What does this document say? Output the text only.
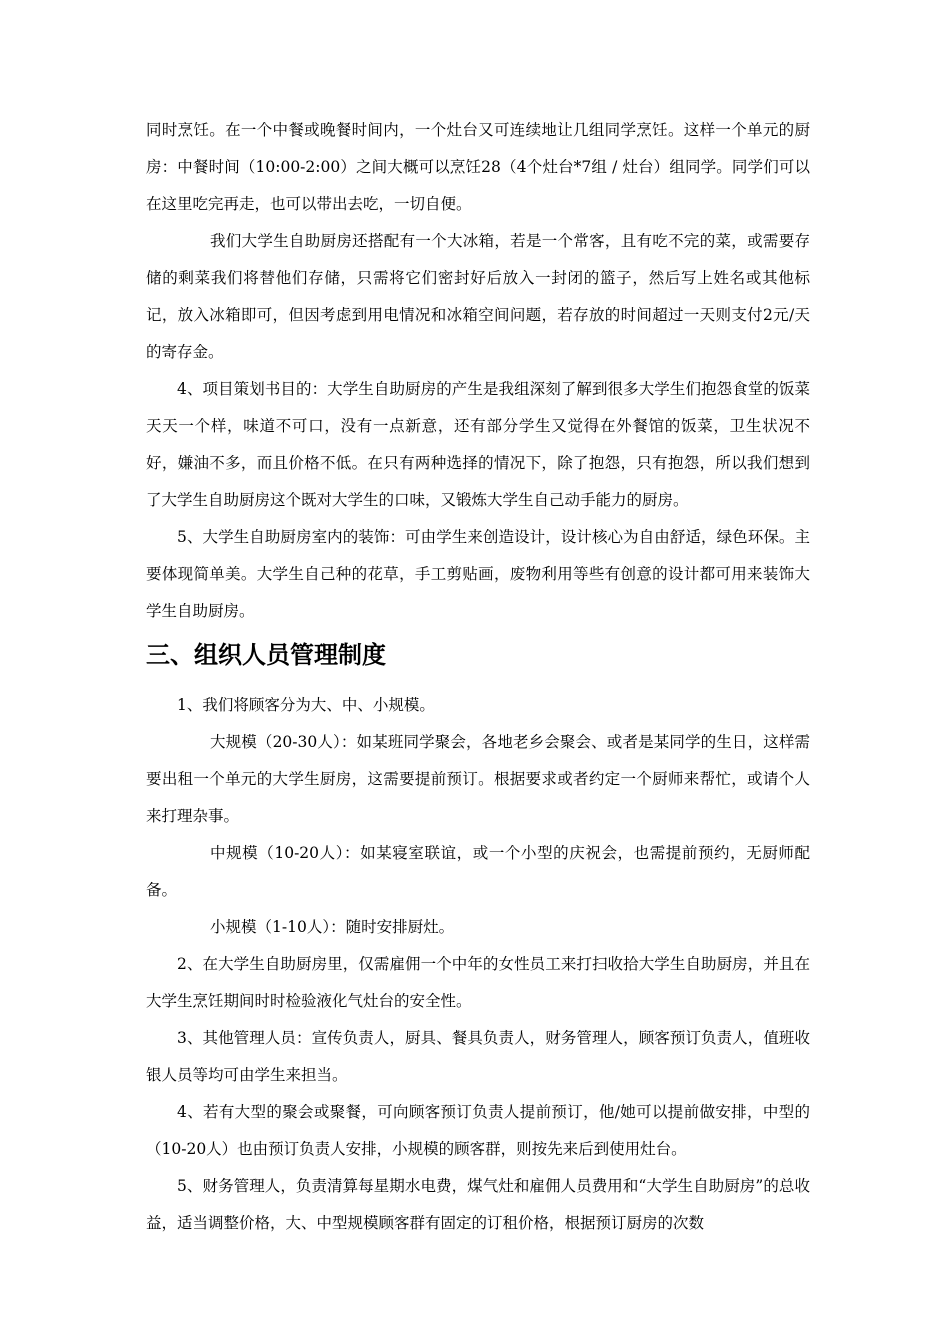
同时烹饪。在一个中餐或晚餐时间内，一个灶台又可连续地让几组同学烹饪。这样一个单元的厨房：中餐时间（10:00-2:00）之间大概可以烹饪28（4个灶台*7组 / 灶台）组同学。同学们可以在这里吃完再走，也可以带出去吃，一切自便。

我们大学生自助厨房还搭配有一个大冰箱，若是一个常客，且有吃不完的菜，或需要存储的剩菜我们将替他们存储，只需将它们密封好后放入一封闭的篮子，然后写上姓名或其他标记，放入冰箱即可，但因考虑到用电情况和冰箱空间问题，若存放的时间超过一天则支付2元/天的寄存金。

4、项目策划书目的：大学生自助厨房的产生是我组深刻了解到很多大学生们抱怨食堂的饭菜天天一个样，味道不可口，没有一点新意，还有部分学生又觉得在外餐馆的饭菜，卫生状况不好，嫌油不多，而且价格不低。在只有两种选择的情况下，除了抱怨，只有抱怨，所以我们想到了大学生自助厨房这个既对大学生的口味，又锻炼大学生自己动手能力的厨房。

5、大学生自助厨房室内的装饰：可由学生来创造设计，设计核心为自由舒适，绿色环保。主要体现简单美。大学生自己种的花草，手工剪贴画，废物利用等些有创意的设计都可用来装饰大学生自助厨房。

三、组织人员管理制度

1、我们将顾客分为大、中、小规模。

大规模（20-30人）：如某班同学聚会，各地老乡会聚会、或者是某同学的生日，这样需要出租一个单元的大学生厨房，这需要提前预订。根据要求或者约定一个厨师来帮忙，或请个人来打理杂事。

中规模（10-20人）：如某寝室联谊，或一个小型的庆祝会，也需提前预约，无厨师配备。

小规模（1-10人）：随时安排厨灶。

2、在大学生自助厨房里，仅需雇佣一个中年的女性员工来打扫收拾大学生自助厨房，并且在大学生烹饪期间时时检验液化气灶台的安全性。

3、其他管理人员：宣传负责人，厨具、餐具负责人，财务管理人，顾客预订负责人，值班收银人员等均可由学生来担当。

4、若有大型的聚会或聚餐，可向顾客预订负责人提前预订，他/她可以提前做安排，中型的（10-20人）也由预订负责人安排，小规模的顾客群，则按先来后到使用灶台。

5、财务管理人，负责清算每星期水电费，煤气灶和雇佣人员费用和“大学生自助厨房”的总收益，适当调整价格，大、中型规模顾客群有固定的订租价格，根据预订厨房的次数
